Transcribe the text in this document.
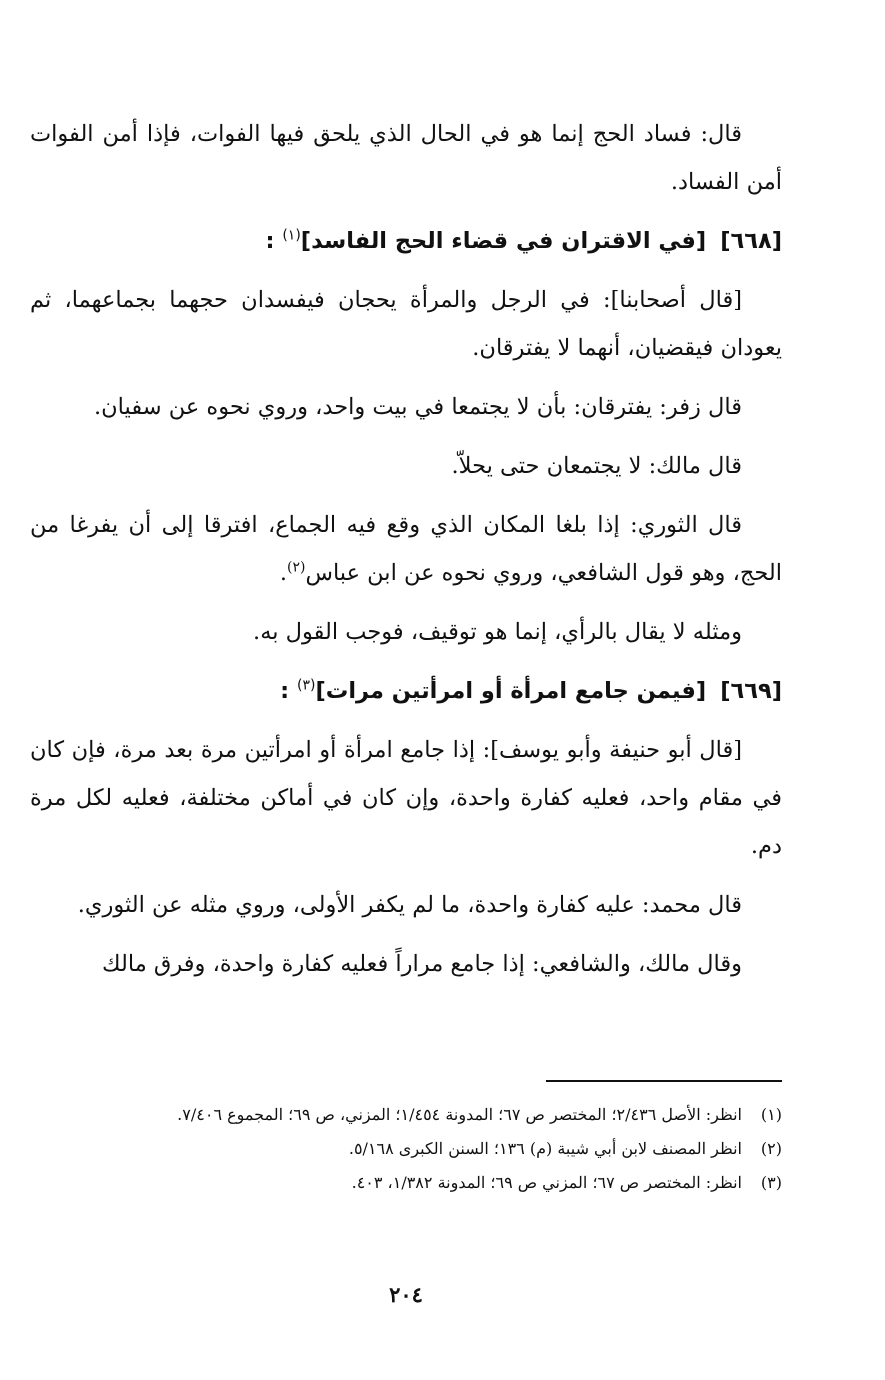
قال: فساد الحج إنما هو في الحال الذي يلحق فيها الفوات، فإذا أمن الفوات أمن الفساد.

[٦٦٨][في الاقتران في قضاء الحج الفاسد]$^{(١)}$ :

[قال أصحابنا]: في الرجل والمرأة يحجان فيفسدان حجهما بجماعهما، ثم يعودان فيقضيان، أنهما لا يفترقان.

قال زفر: يفترقان: بأن لا يجتمعا في بيت واحد، وروي نحوه عن سفيان.

قال مالك: لا يجتمعان حتى يحلاّ.

قال الثوري: إذا بلغا المكان الذي وقع فيه الجماع، افترقا إلى أن يفرغا من الحج، وهو قول الشافعي، وروي نحوه عن ابن عباس$^{(٢)}$.

ومثله لا يقال بالرأي، إنما هو توقيف، فوجب القول به.

[٦٦٩][فيمن جامع امرأة أو امرأتين مرات]$^{(٣)}$ :

[قال أبو حنيفة وأبو يوسف]: إذا جامع امرأة أو امرأتين مرة بعد مرة، فإن كان في مقام واحد، فعليه كفارة واحدة، وإن كان في أماكن مختلفة، فعليه لكل مرة دم.

قال محمد: عليه كفارة واحدة، ما لم يكفر الأولى، وروي مثله عن الثوري.

وقال مالك، والشافعي: إذا جامع مراراً فعليه كفارة واحدة، وفرق مالك

(١)
انظر: الأصل ٢/٤٣٦؛ المختصر ص ٦٧؛ المدونة ١/٤٥٤؛ المزني، ص ٦٩؛ المجموع ٧/٤٠٦.
(٢)
انظر المصنف لابن أبي شيبة (م) ١٣٦؛ السنن الكبرى ٥/١٦٨.
(٣)
انظر: المختصر ص ٦٧؛ المزني ص ٦٩؛ المدونة ١/٣٨٢، ٤٠٣.
٢٠٤
